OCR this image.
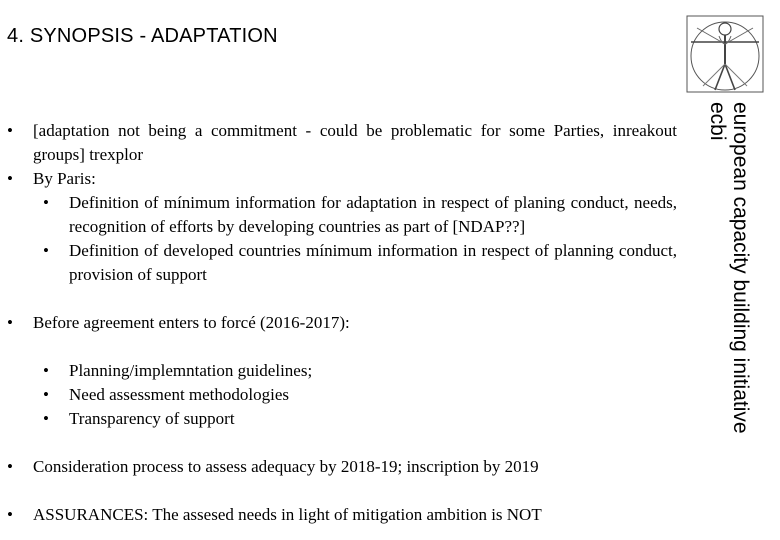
4. SYNOPSIS - ADAPTATION
european capacity building initiative
ecbi
•	[adaptation not being a commitment - could be problematic for some Parties, inreakout groups] trexplor
•	By Paris:
•	Definition of mínimum information for adaptation in respect of planing conduct, needs, recognition of efforts by developing countries as part of [NDAP??]
•	Definition of developed countries mínimum information in respect of planning conduct, provision of support
•	Before agreement enters to forcé (2016-2017):
•	Planning/implemntation guidelines;
•	Need assessment methodologies
•	Transparency of support
•	Consideration process to assess adequacy by 2018-19; inscription by 2019
•	ASSURANCES: The assesed needs in light of mitigation ambition is NOT
